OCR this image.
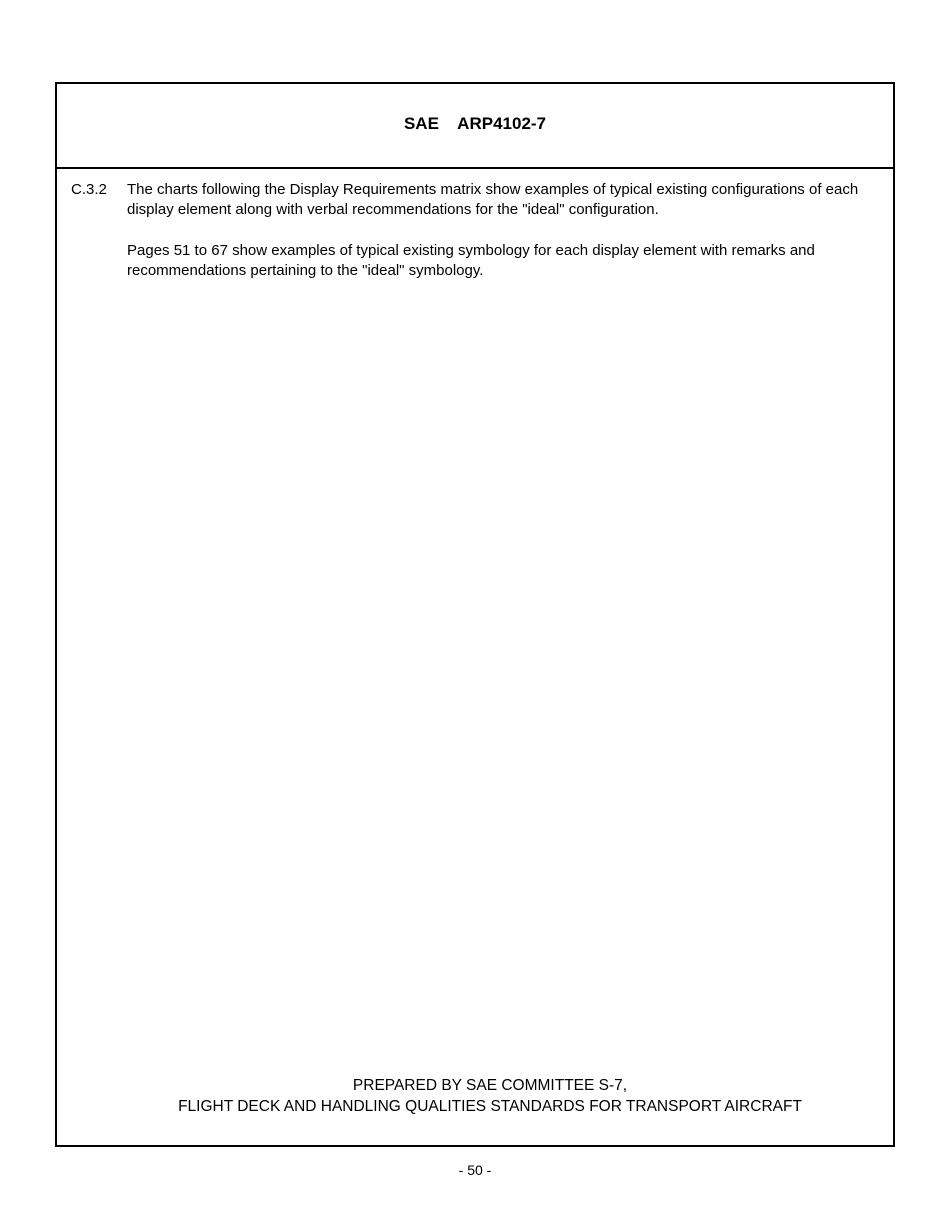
SAE    ARP4102-7
C.3.2 The charts following the Display Requirements matrix show examples of typical existing configurations of each display element along with verbal recommendations for the "ideal" configuration.

Pages 51 to 67 show examples of typical existing symbology for each display element with remarks and recommendations pertaining to the "ideal" symbology.

PREPARED BY SAE COMMITTEE S-7,
FLIGHT DECK AND HANDLING QUALITIES STANDARDS FOR TRANSPORT AIRCRAFT
- 50 -
